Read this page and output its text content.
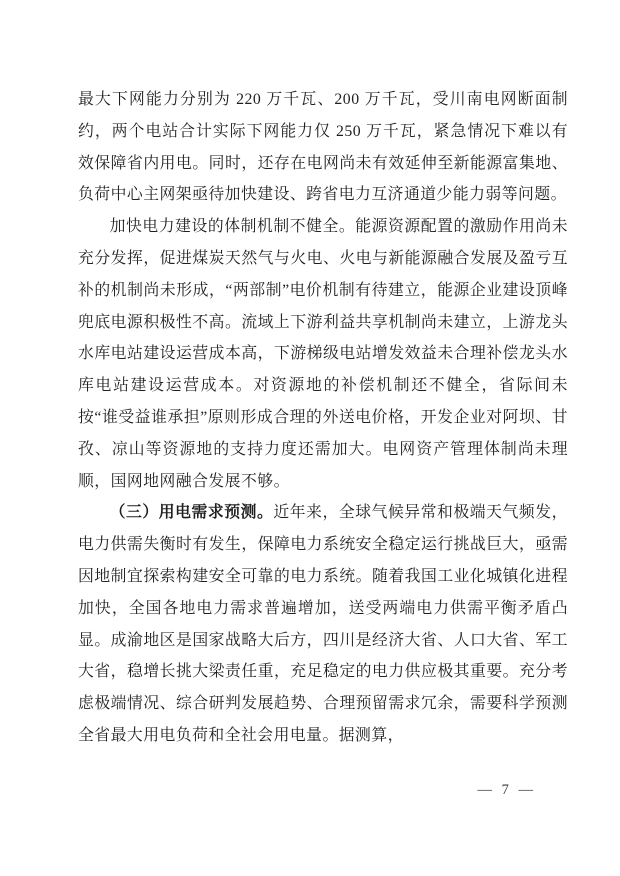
最大下网能力分别为 220 万千瓦、200 万千瓦，受川南电网断面制约，两个电站合计实际下网能力仅 250 万千瓦，紧急情况下难以有效保障省内用电。同时，还存在电网尚未有效延伸至新能源富集地、负荷中心主网架亟待加快建设、跨省电力互济通道少能力弱等问题。

加快电力建设的体制机制不健全。能源资源配置的激励作用尚未充分发挥，促进煤炭天然气与火电、火电与新能源融合发展及盈亏互补的机制尚未形成，“两部制”电价机制有待建立，能源企业建设顶峰兜底电源积极性不高。流域上下游利益共享机制尚未建立，上游龙头水库电站建设运营成本高，下游梯级电站增发效益未合理补偿龙头水库电站建设运营成本。对资源地的补偿机制还不健全，省际间未按“谁受益谁承担”原则形成合理的外送电价格，开发企业对阿坝、甘孜、凉山等资源地的支持力度还需加大。电网资产管理体制尚未理顺，国网地网融合发展不够。

（三）用电需求预测。近年来，全球气候异常和极端天气频发，电力供需失衡时有发生，保障电力系统安全稳定运行挑战巨大，亟需因地制宜探索构建安全可靠的电力系统。随着我国工业化城镇化进程加快，全国各地电力需求普遍增加，送受两端电力供需平衡矛盾凸显。成渝地区是国家战略大后方，四川是经济大省、人口大省、军工大省，稳增长挑大梁责任重，充足稳定的电力供应极其重要。充分考虑极端情况、综合研判发展趋势、合理预留需求冗余，需要科学预测全省最大用电负荷和全社会用电量。据测算，

— 7 —
